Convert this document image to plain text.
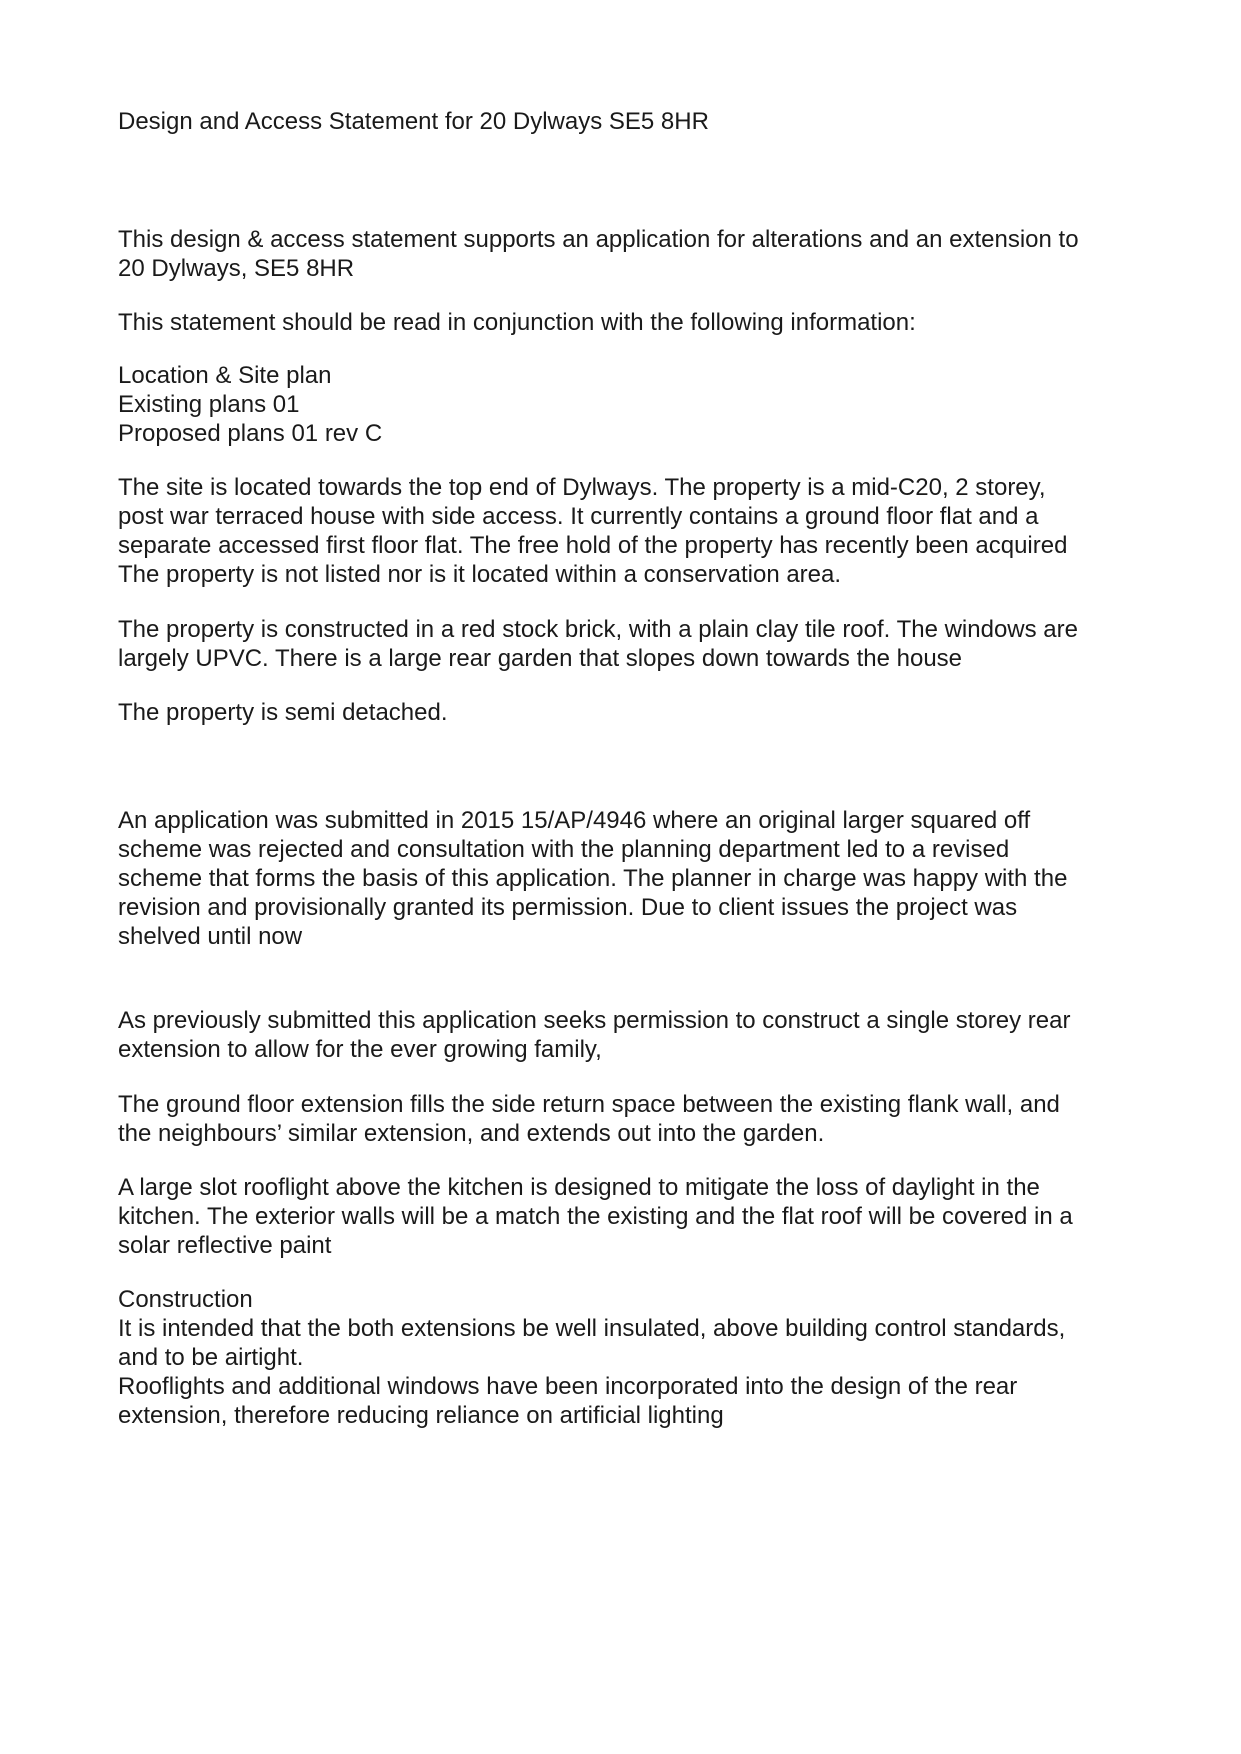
Design and Access Statement for 20 Dylways SE5 8HR

This design & access statement supports an application for alterations and an extension to
20 Dylways, SE5 8HR

This statement should be read in conjunction with the following information:

Location & Site plan
Existing plans 01
Proposed plans 01 rev C

The site is located towards the top end of Dylways. The property is a mid-C20, 2 storey,
post war terraced house with side access. It currently contains a ground floor flat and a
separate accessed first floor flat. The free hold of the property has recently been acquired
The property is not listed nor is it located within a conservation area.

The property is constructed in a red stock brick, with a plain clay tile roof. The windows are
largely UPVC. There is a large rear garden that slopes down towards the house

The property is semi detached.

An application was submitted in 2015 15/AP/4946 where an original larger squared off
scheme was rejected and consultation with the planning department led to a revised
scheme that forms the basis of this application. The planner in charge was happy with the
revision and provisionally granted its permission. Due to client issues the project was
shelved until now

As previously submitted this application seeks permission to construct a single storey rear
extension to allow for the ever growing family,

The ground floor extension fills the side return space between the existing flank wall, and
the neighbours’ similar extension, and extends out into the garden.

A large slot rooflight above the kitchen is designed to mitigate the loss of daylight in the
kitchen. The exterior walls will be a match the existing and the flat roof will be covered in a
solar reflective paint

Construction
It is intended that the both extensions be well insulated, above building control standards,
and to be airtight.
Rooflights and additional windows have been incorporated into the design of the rear
extension, therefore reducing reliance on artificial lighting
